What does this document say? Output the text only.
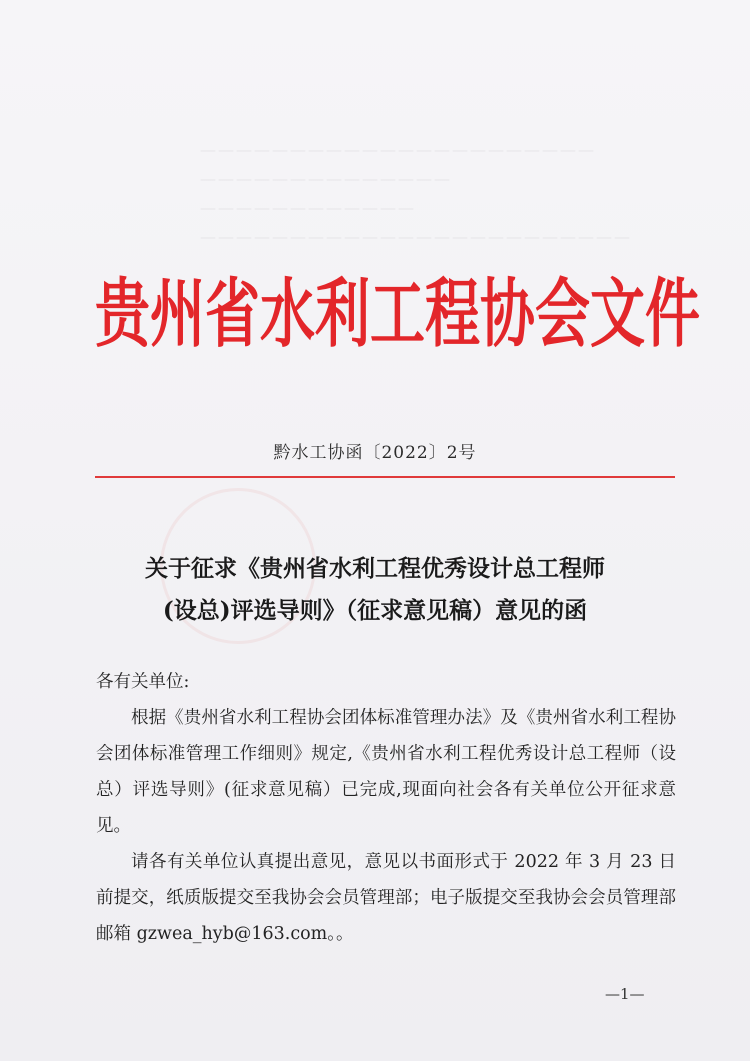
——————————————————————
——————————————
————————————
————————————————————————
贵州省水利工程协会文件
黔水工协函〔2022〕2号
关于征求《贵州省水利工程优秀设计总工程师
(设总)评选导则》（征求意见稿）意见的函

各有关单位:

根据《贵州省水利工程协会团体标准管理办法》及《贵州省水利工程协会团体标准管理工作细则》规定,《贵州省水利工程优秀设计总工程师（设总）评选导则》(征求意见稿）已完成,现面向社会各有关单位公开征求意见。

请各有关单位认真提出意见，意见以书面形式于 2022 年 3 月 23 日前提交，纸质版提交至我协会会员管理部；电子版提交至我协会会员管理部邮箱 gzwea_hyb@163.com。。

—1—
